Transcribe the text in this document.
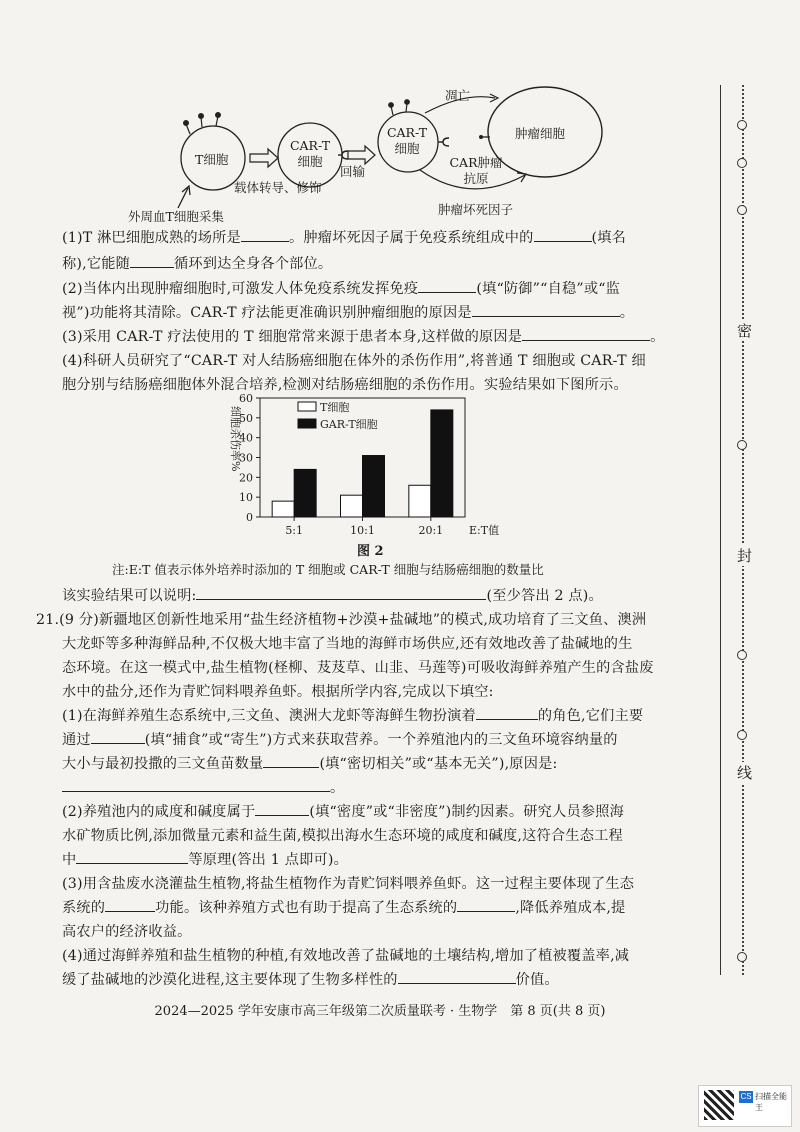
T细胞
CAR-T细胞
CAR-T细胞
肿瘤细胞
载体转导、修饰
回输
外周血T细胞采集
凋亡
CAR肿瘤抗原
肿瘤坏死因子
(1)T 淋巴细胞成熟的场所是	。肿瘤坏死因子属于免疫系统组成中的	(填名
称),它能随	循环到达全身各个部位。
(2)当体内出现肿瘤细胞时,可激发人体免疫系统发挥免疫	(填“防御”“自稳”或“监
视”)功能将其清除。CAR-T 疗法能更准确识别肿瘤细胞的原因是	。
(3)采用 CAR-T 疗法使用的 T 细胞常常来源于患者本身,这样做的原因是	。
(4)科研人员研究了“CAR-T 对人结肠癌细胞在体外的杀伤作用”,将普通 T 细胞或 CAR-T 细
胞分别与结肠癌细胞体外混合培养,检测对结肠癌细胞的杀伤作用。实验结果如下图所示。
0
10
20
30
40
50
60
5:1	10:1	20:1 E:T值
细胞杀伤率%	T细胞
GAR-T细胞
图 2
注:E:T 值表示体外培养时添加的 T 细胞或 CAR-T 细胞与结肠癌细胞的数量比
该实验结果可以说明:	(至少答出 2 点)。
21.(9 分)新疆地区创新性地采用“盐生经济植物+沙漠+盐碱地”的模式,成功培育了三文鱼、澳洲
大龙虾等多种海鲜品种,不仅极大地丰富了当地的海鲜市场供应,还有效地改善了盐碱地的生
态环境。在这一模式中,盐生植物(柽柳、芨芨草、山韭、马莲等)可吸收海鲜养殖产生的含盐废
水中的盐分,还作为青贮饲料喂养鱼虾。根据所学内容,完成以下填空:
(1)在海鲜养殖生态系统中,三文鱼、澳洲大龙虾等海鲜生物扮演着	的角色,它们主要
通过	(填“捕食”或“寄生”)方式来获取营养。一个养殖池内的三文鱼环境容纳量的
大小与最初投撒的三文鱼苗数量	(填“密切相关”或“基本无关”),原因是:
。
(2)养殖池内的咸度和碱度属于	(填“密度”或“非密度”)制约因素。研究人员参照海
水矿物质比例,添加微量元素和益生菌,模拟出海水生态环境的咸度和碱度,这符合生态工程
中	等原理(答出 1 点即可)。
(3)用含盐废水浇灌盐生植物,将盐生植物作为青贮饲料喂养鱼虾。这一过程主要体现了生态
系统的	功能。该种养殖方式也有助于提高了生态系统的	,降低养殖成本,提
高农户的经济收益。
(4)通过海鲜养殖和盐生植物的种植,有效地改善了盐碱地的土壤结构,增加了植被覆盖率,减
缓了盐碱地的沙漠化进程,这主要体现了生物多样性的	价值。
密
封
线
2024—2025 学年安康市高三年级第二次质量联考 · 生物学　第 8 页(共 8 页)
CS 扫描全能王
